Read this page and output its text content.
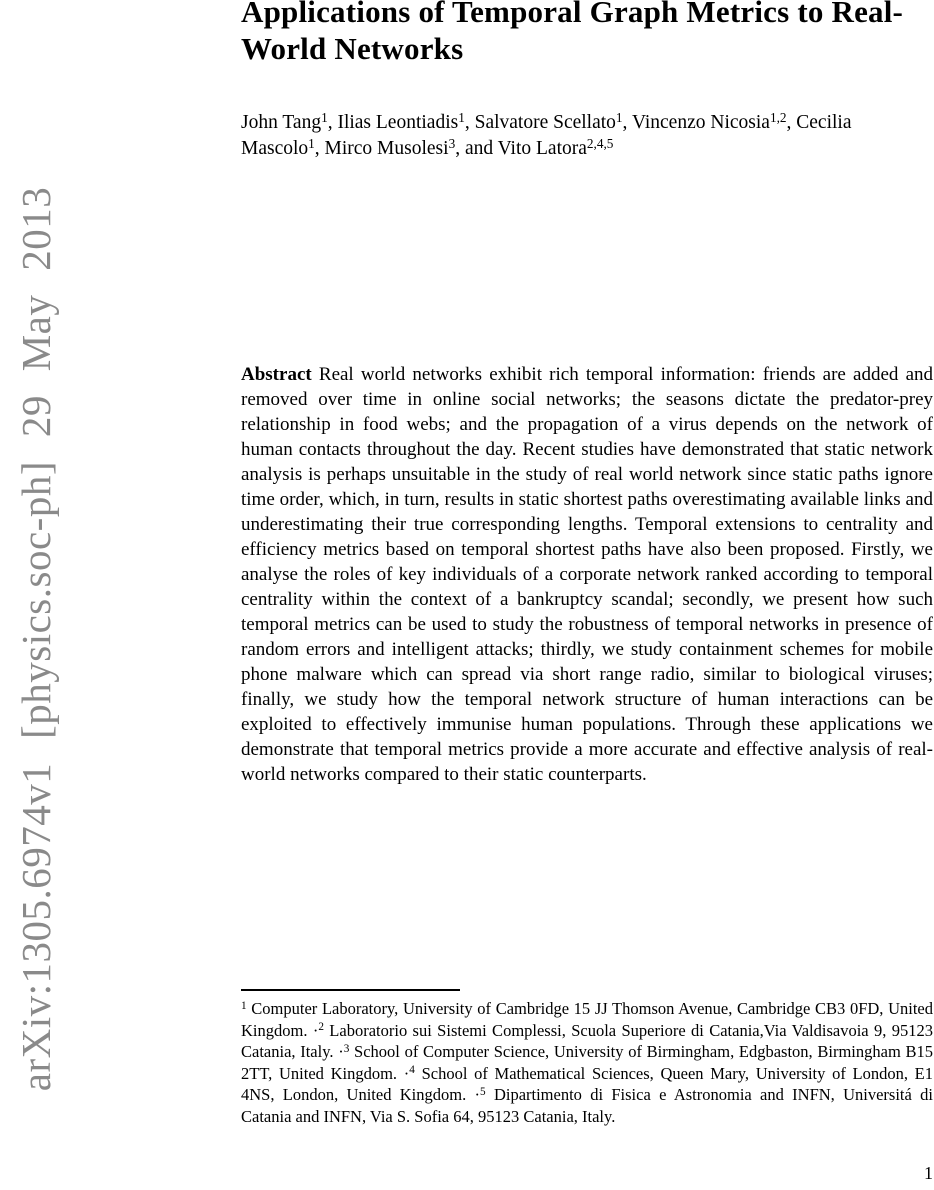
arXiv:1305.6974v1 [physics.soc-ph] 29 May 2013
Applications of Temporal Graph Metrics to Real-World Networks

John Tang$^1$, Ilias Leontiadis$^1$, Salvatore Scellato$^1$, Vincenzo Nicosia$^{1,2}$, Cecilia Mascolo$^1$, Mirco Musolesi$^3$, and Vito Latora$^{2,4,5}$

Abstract Real world networks exhibit rich temporal information: friends are added and removed over time in online social networks; the seasons dictate the predator-prey relationship in food webs; and the propagation of a virus depends on the network of human contacts throughout the day. Recent studies have demonstrated that static network analysis is perhaps unsuitable in the study of real world network since static paths ignore time order, which, in turn, results in static shortest paths overestimating available links and underestimating their true corresponding lengths. Temporal extensions to centrality and efficiency metrics based on temporal shortest paths have also been proposed. Firstly, we analyse the roles of key individuals of a corporate network ranked according to temporal centrality within the context of a bankruptcy scandal; secondly, we present how such temporal metrics can be used to study the robustness of temporal networks in presence of random errors and intelligent attacks; thirdly, we study containment schemes for mobile phone malware which can spread via short range radio, similar to biological viruses; finally, we study how the temporal network structure of human interactions can be exploited to effectively immunise human populations. Through these applications we demonstrate that temporal metrics provide a more accurate and effective analysis of real-world networks compared to their static counterparts.

$^1$ Computer Laboratory, University of Cambridge 15 JJ Thomson Avenue, Cambridge CB3 0FD, United Kingdom. ·$^2$ Laboratorio sui Sistemi Complessi, Scuola Superiore di Catania,Via Valdisavoia 9, 95123 Catania, Italy. ·$^3$ School of Computer Science, University of Birmingham, Edgbaston, Birmingham B15 2TT, United Kingdom. ·$^4$ School of Mathematical Sciences, Queen Mary, University of London, E1 4NS, London, United Kingdom. ·$^5$ Dipartimento di Fisica e Astronomia and INFN, Universitá di Catania and INFN, Via S. Sofia 64, 95123 Catania, Italy.

1
